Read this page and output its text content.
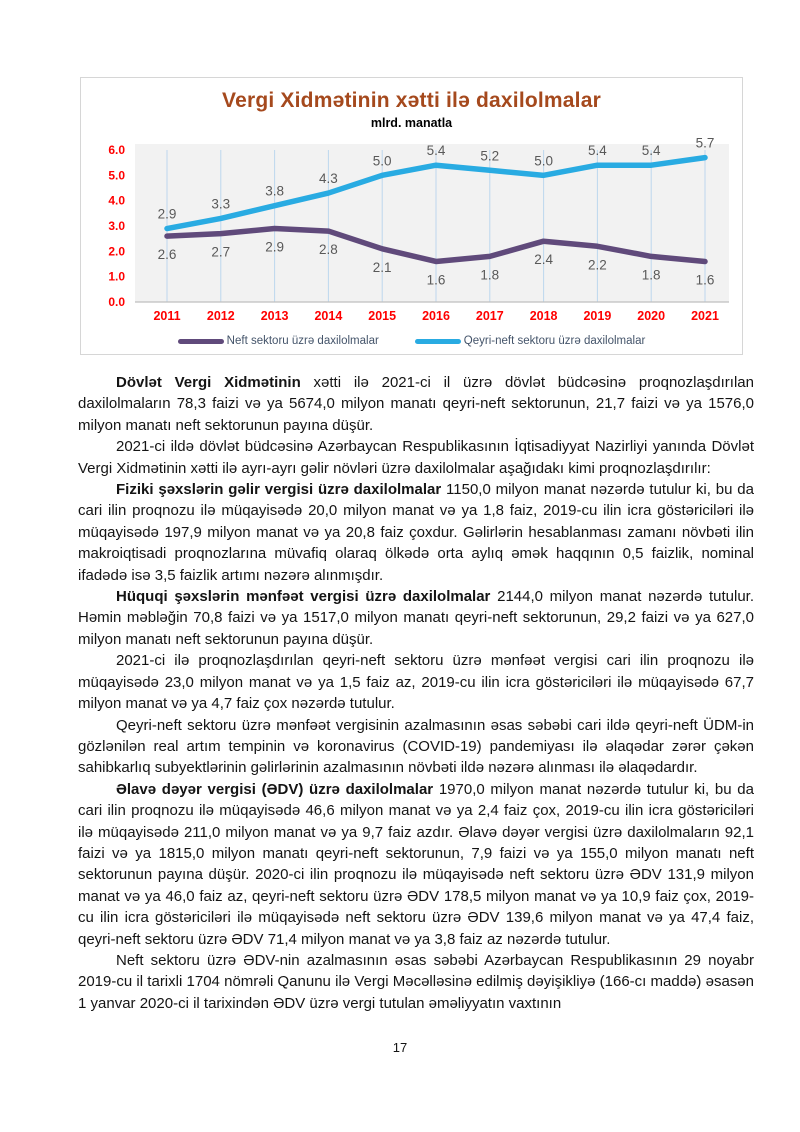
Vergi Xidmətinin xətti ilə daxilolmalar
mlrd. manatla
0.0
1.0
2.0
3.0
4.0
5.0
6.0
2.6	2.7	2.9	2.8
2.1
1.6	1.8
2.4	2.2
1.8	1.6
2.9
3.3
3.8
4.3
5.0
5.4	5.2	5.0
5.4	5.4
5.7
2011 2012 2013 2014 2015 2016 2017 2018 2019 2020 2021
Neft sektoru üzrə daxilolmalar	Qeyri-neft sektoru üzrə daxilolmalar

Dövlət Vergi Xidmətinin xətti ilə 2021-ci il üzrə dövlət büdcəsinə proqnozlaşdırılan daxilolmaların 78,3 faizi və ya 5674,0 milyon manatı qeyri-neft sektorunun, 21,7 faizi və ya 1576,0 milyon manatı neft sektorunun payına düşür.

2021-ci ildə dövlət büdcəsinə Azərbaycan Respublikasının İqtisadiyyat Nazirliyi yanında Dövlət Vergi Xidmətinin xətti ilə ayrı-ayrı gəlir növləri üzrə daxilolmalar aşağıdakı kimi proqnozlaşdırılır:

Fiziki şəxslərin gəlir vergisi üzrə daxilolmalar 1150,0 milyon manat nəzərdə tutulur ki, bu da cari ilin proqnozu ilə müqayisədə 20,0 milyon manat və ya 1,8 faiz, 2019-cu ilin icra göstəriciləri ilə müqayisədə 197,9 milyon manat və ya 20,8 faiz çoxdur. Gəlirlərin hesablanması zamanı növbəti ilin makroiqtisadi proqnozlarına müvafiq olaraq ölkədə orta aylıq əmək haqqının 0,5 faizlik, nominal ifadədə isə 3,5 faizlik artımı nəzərə alınmışdır.

Hüquqi şəxslərin mənfəət vergisi üzrə daxilolmalar 2144,0 milyon manat nəzərdə tutulur. Həmin məbləğin 70,8 faizi və ya 1517,0 milyon manatı qeyri-neft sektorunun, 29,2 faizi və ya 627,0 milyon manatı neft sektorunun payına düşür.

2021-ci ilə proqnozlaşdırılan qeyri-neft sektoru üzrə mənfəət vergisi cari ilin proqnozu ilə müqayisədə 23,0 milyon manat və ya 1,5 faiz az, 2019-cu ilin icra göstəriciləri ilə müqayisədə 67,7 milyon manat və ya 4,7 faiz çox nəzərdə tutulur.

Qeyri-neft sektoru üzrə mənfəət vergisinin azalmasının əsas səbəbi cari ildə qeyri-neft ÜDM-in gözlənilən real artım tempinin və koronavirus (COVID-19) pandemiyası ilə əlaqədar zərər çəkən sahibkarlıq subyektlərinin gəlirlərinin azalmasının növbəti ildə nəzərə alınması ilə əlaqədardır.

Əlavə dəyər vergisi (ƏDV) üzrə daxilolmalar 1970,0 milyon manat nəzərdə tutulur ki, bu da cari ilin proqnozu ilə müqayisədə 46,6 milyon manat və ya 2,4 faiz çox, 2019-cu ilin icra göstəriciləri ilə müqayisədə 211,0 milyon manat və ya 9,7 faiz azdır. Əlavə dəyər vergisi üzrə daxilolmaların 92,1 faizi və ya 1815,0 milyon manatı qeyri-neft sektorunun, 7,9 faizi və ya 155,0 milyon manatı neft sektorunun payına düşür. 2020-ci ilin proqnozu ilə müqayisədə neft sektoru üzrə ƏDV 131,9 milyon manat və ya 46,0 faiz az, qeyri-neft sektoru üzrə ƏDV 178,5 milyon manat və ya 10,9 faiz çox, 2019-cu ilin icra göstəriciləri ilə müqayisədə neft sektoru üzrə ƏDV 139,6 milyon manat və ya 47,4 faiz, qeyri-neft sektoru üzrə ƏDV 71,4 milyon manat və ya 3,8 faiz az nəzərdə tutulur.

Neft sektoru üzrə ƏDV-nin azalmasının əsas səbəbi Azərbaycan Respublikasının 29 noyabr 2019-cu il tarixli 1704 nömrəli Qanunu ilə Vergi Məcəlləsinə edilmiş dəyişikliyə (166-cı maddə) əsasən 1 yanvar 2020-ci il tarixindən ƏDV üzrə vergi tutulan əməliyyatın vaxtının

17
